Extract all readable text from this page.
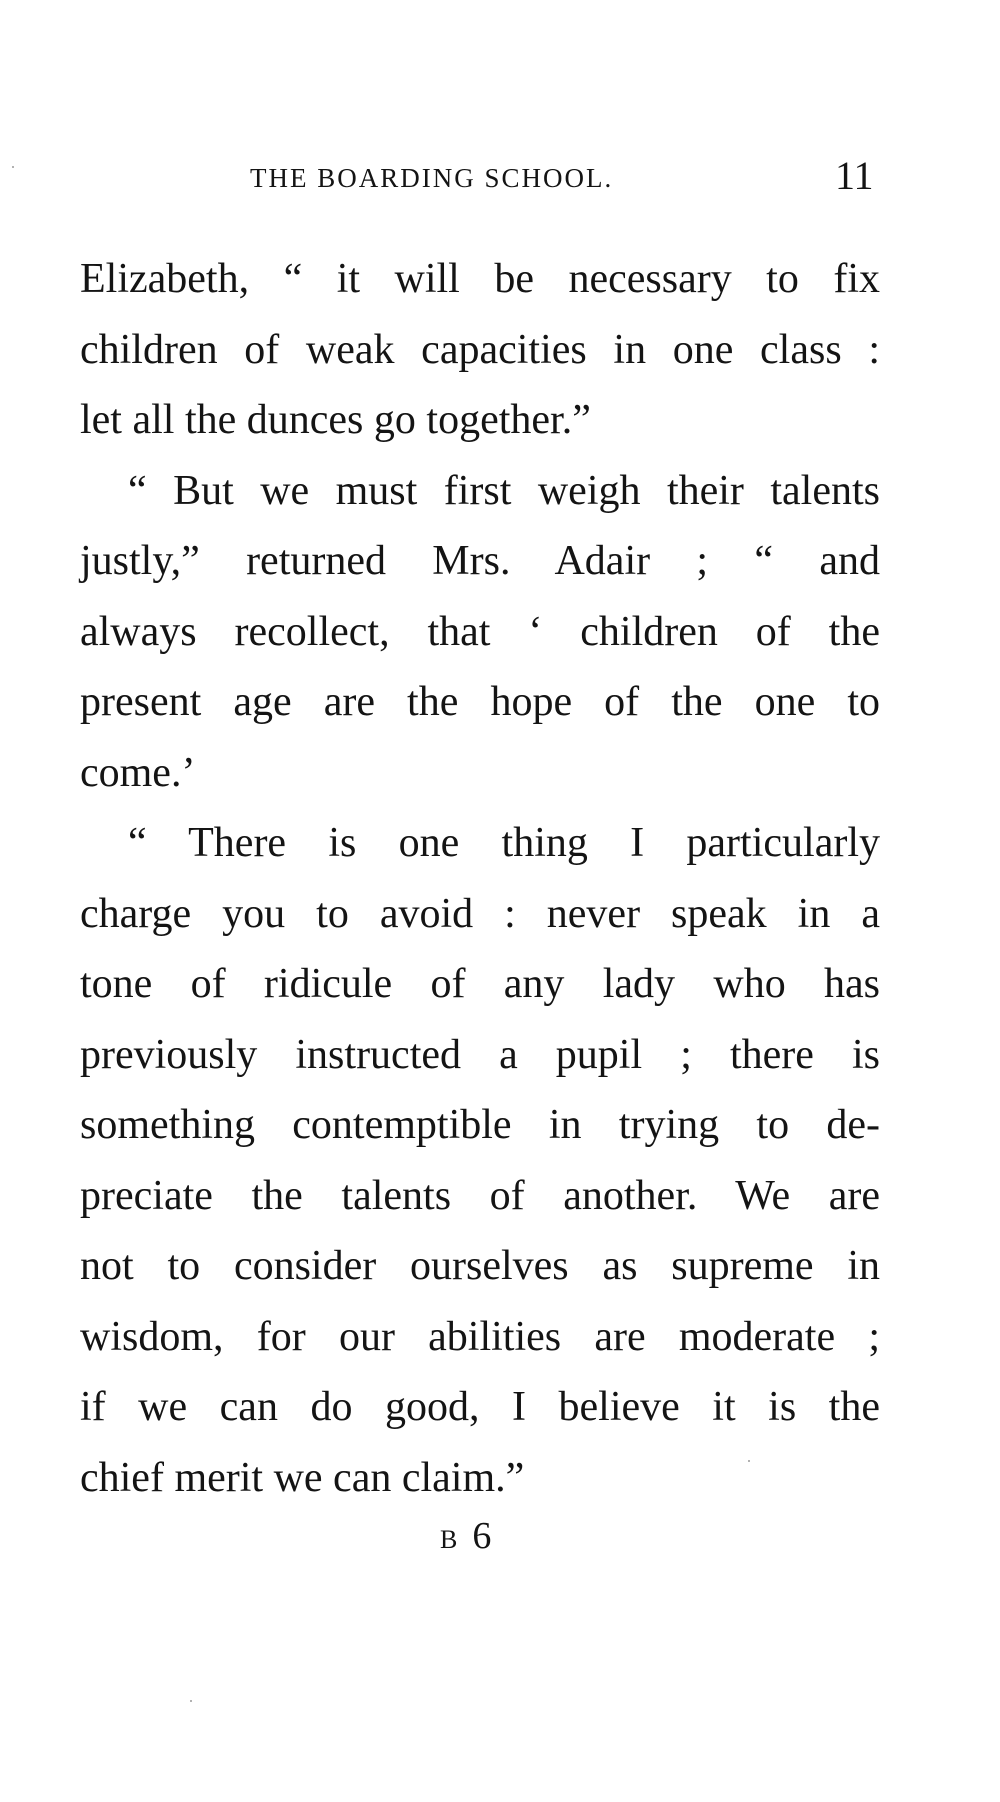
THE BOARDING SCHOOL.	11
Elizabeth, “ it will be necessary to fix
children of weak capacities in one class :
let all the dunces go together.”
“ But we must first weigh their talents
justly,” returned Mrs. Adair ; “ and
always recollect, that ‘ children of the
present age are the hope of the one to
come.’
“ There is one thing I particularly
charge you to avoid : never speak in a
tone of ridicule of any lady who has
previously instructed a pupil ; there is
something contemptible in trying to de-
preciate the talents of another. We are
not to consider ourselves as supreme in
wisdom, for our abilities are moderate ;
if we can do good, I believe it is the
chief merit we can claim.”
B 6
